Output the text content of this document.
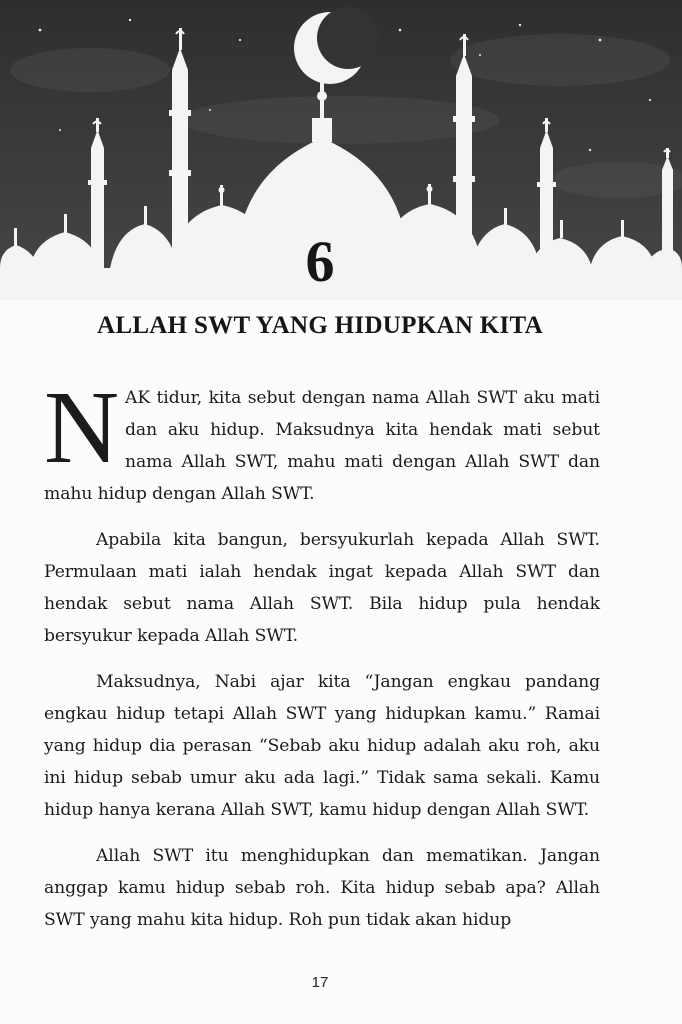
6
ALLAH SWT YANG HIDUPKAN KITA

NAK tidur, kita sebut dengan nama Allah SWT aku mati dan aku hidup. Maksudnya kita hendak mati sebut nama Allah SWT, mahu mati dengan Allah SWT dan mahu hidup dengan Allah SWT.

Apabila kita bangun, bersyukurlah kepada Allah SWT. Permulaan mati ialah hendak ingat kepada Allah SWT dan hendak sebut nama Allah SWT. Bila hidup pula hendak bersyukur kepada Allah SWT.

Maksudnya, Nabi ajar kita “Jangan engkau pandang engkau hidup tetapi Allah SWT yang hidupkan kamu.” Ramai yang hidup dia perasan “Sebab aku hidup adalah aku roh, aku ini hidup sebab umur aku ada lagi.” Tidak sama sekali. Kamu hidup hanya kerana Allah SWT, kamu hidup dengan Allah SWT.

Allah SWT itu menghidupkan dan mematikan. Jangan anggap kamu hidup sebab roh. Kita hidup sebab apa? Allah SWT yang mahu kita hidup. Roh pun tidak akan hidup

17
